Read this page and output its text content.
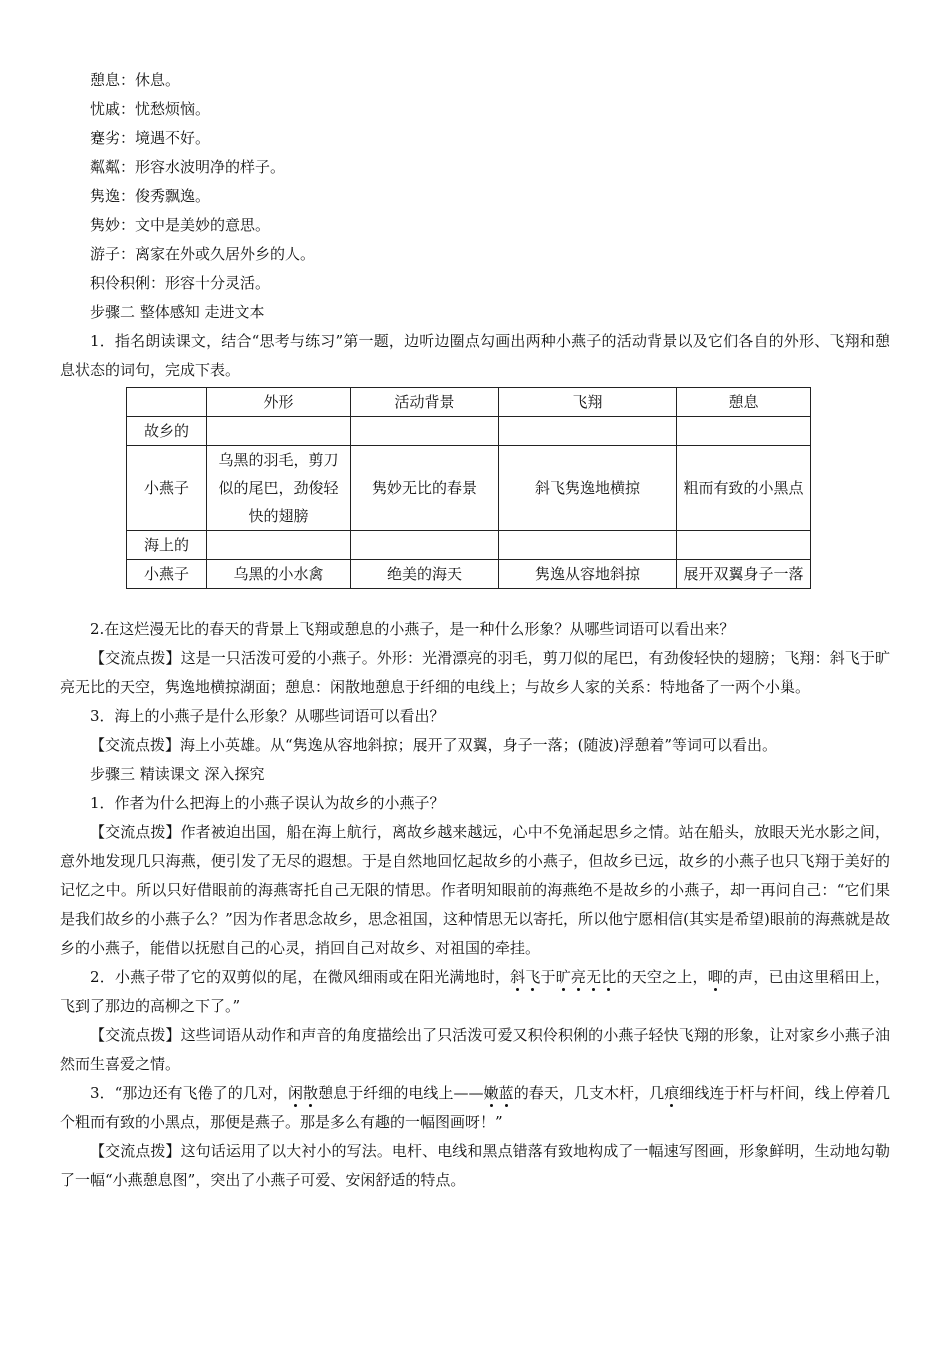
憩息：休息。
忧戚：忧愁烦恼。
蹇劣：境遇不好。
粼粼：形容水波明净的样子。
隽逸：俊秀飘逸。
隽妙：文中是美妙的意思。
游子：离家在外或久居外乡的人。
积伶积俐：形容十分灵活。
步骤二 整体感知 走进文本
1．指名朗读课文，结合“思考与练习”第一题，边听边圈点勾画出两种小燕子的活动背景以及它们各自的外形、飞翔和憩息状态的词句，完成下表。
	外形	活动背景	飞翔	憩息
故乡的				
小燕子	乌黑的羽毛，剪刀似的尾巴，劲俊轻快的翅膀	隽妙无比的春景	斜飞隽逸地横掠	粗而有致的小黑点
海上的				
小燕子	乌黑的小水禽	绝美的海天	隽逸从容地斜掠	展开双翼身子一落
2.在这烂漫无比的春天的背景上飞翔或憩息的小燕子，是一种什么形象？从哪些词语可以看出来？
【交流点拨】这是一只活泼可爱的小燕子。外形：光滑漂亮的羽毛，剪刀似的尾巴，有劲俊轻快的翅膀；飞翔：斜飞于旷亮无比的天空，隽逸地横掠湖面；憩息：闲散地憩息于纤细的电线上；与故乡人家的关系：特地备了一两个小巢。
3．海上的小燕子是什么形象？从哪些词语可以看出？
【交流点拨】海上小英雄。从“隽逸从容地斜掠；展开了双翼，身子一落；(随波)浮憩着”等词可以看出。
步骤三 精读课文 深入探究
1．作者为什么把海上的小燕子误认为故乡的小燕子？
【交流点拨】作者被迫出国，船在海上航行，离故乡越来越远，心中不免涌起思乡之情。站在船头，放眼天光水影之间，意外地发现几只海燕，便引发了无尽的遐想。于是自然地回忆起故乡的小燕子，但故乡已远，故乡的小燕子也只飞翔于美好的记忆之中。所以只好借眼前的海燕寄托自己无限的情思。作者明知眼前的海燕绝不是故乡的小燕子，却一再问自己：“它们果是我们故乡的小燕子么？”因为作者思念故乡，思念祖国，这种情思无以寄托，所以他宁愿相信(其实是希望)眼前的海燕就是故乡的小燕子，能借以抚慰自己的心灵，捎回自己对故乡、对祖国的牵挂。
2．小燕子带了它的双剪似的尾，在微风细雨或在阳光满地时，斜飞于旷亮无比的天空之上，唧的声，已由这里稻田上，飞到了那边的高柳之下了。”
【交流点拨】这些词语从动作和声音的角度描绘出了只活泼可爱又积伶积俐的小燕子轻快飞翔的形象，让对家乡小燕子油然而生喜爱之情。
3．“那边还有飞倦了的几对，闲散憩息于纤细的电线上——嫩蓝的春天，几支木杆，几痕细线连于杆与杆间，线上停着几个粗而有致的小黑点，那便是燕子。那是多么有趣的一幅图画呀！”
【交流点拨】这句话运用了以大衬小的写法。电杆、电线和黑点错落有致地构成了一幅速写图画，形象鲜明，生动地勾勒了一幅“小燕憩息图”，突出了小燕子可爱、安闲舒适的特点。
